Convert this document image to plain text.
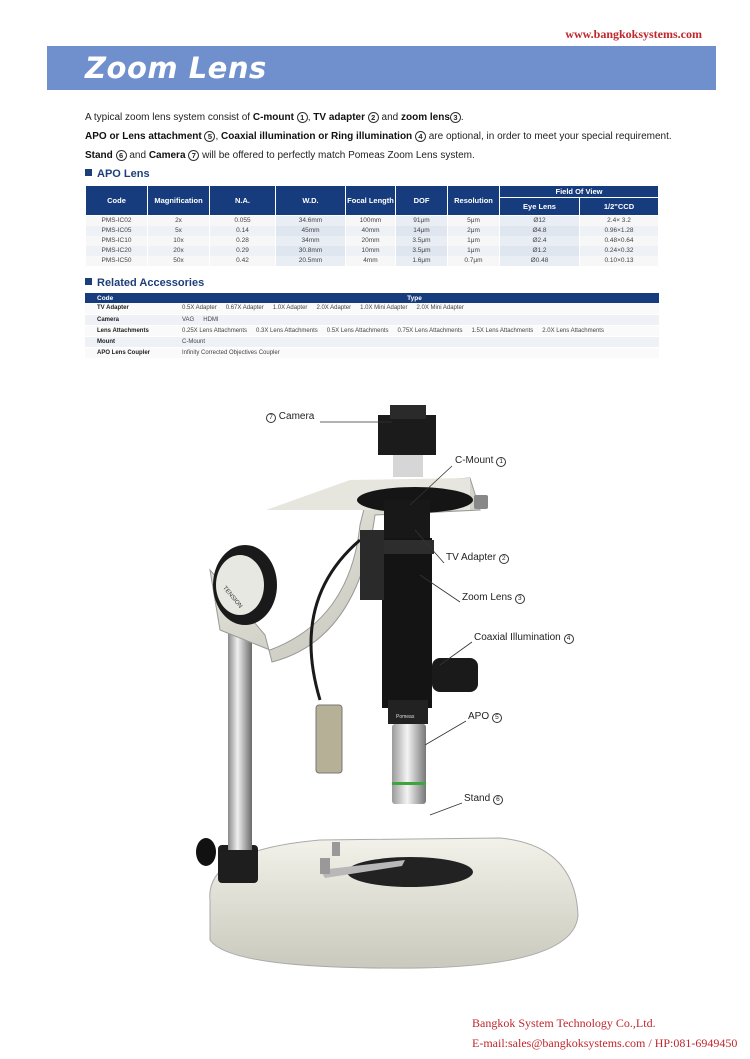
www.bangkoksystems.com
Zoom Lens
A typical zoom lens system consist of C-mount 1 , TV adapter 2 and zoom lens 3 .
APO or Lens attachment 5 , Coaxial illumination or Ring illumination 4 are optional, in order to meet your special requirement.
Stand 6 and Camera 7 will be offered to perfectly match Pomeas Zoom Lens system.
APO Lens
Code	Magnification	N.A.	W.D.	Focal Length	DOF	Resolution	Field Of View	
							Eye Lens	1/2"CCD
PMS-IC02	2x	0.055	34.6mm	100mm	91μm	5μm	Ø12	2.4× 3.2
PMS-IC05	5x	0.14	45mm	40mm	14μm	2μm	Ø4.8	0.96×1.28
PMS-IC10	10x	0.28	34mm	20mm	3.5μm	1μm	Ø2.4	0.48×0.64
PMS-IC20	20x	0.29	30.8mm	10mm	3.5μm	1μm	Ø1.2	0.24×0.32
PMS-IC50	50x	0.42	20.5mm	4mm	1.6μm	0.7μm	Ø0.48	0.10×0.13
Related Accessories
Code	Type
TV Adapter	0.5X Adapter 0.67X Adapter 1.0X Adapter 2.0X Adapter 1.0X Mini Adapter 2.0X Mini Adapter
Camera	VAG HDMI
Lens Attachments	0.25X Lens Attachments 0.3X Lens Attachments 0.5X Lens Attachments 0.75X Lens Attachments 1.5X Lens Attachments 2.0X Lens Attachments
Mount	C-Mount
APO Lens Coupler	Infinity Corrected Objectives Coupler
TENSION
Pomeas
7 Camera
C-Mount 1
TV Adapter 2
Zoom Lens 3
Coaxial Illumination 4
APO 5
Stand 6
Bangkok System Technology Co.,Ltd.
E-mail:sales@bangkoksystems.com / HP:081-6949450
